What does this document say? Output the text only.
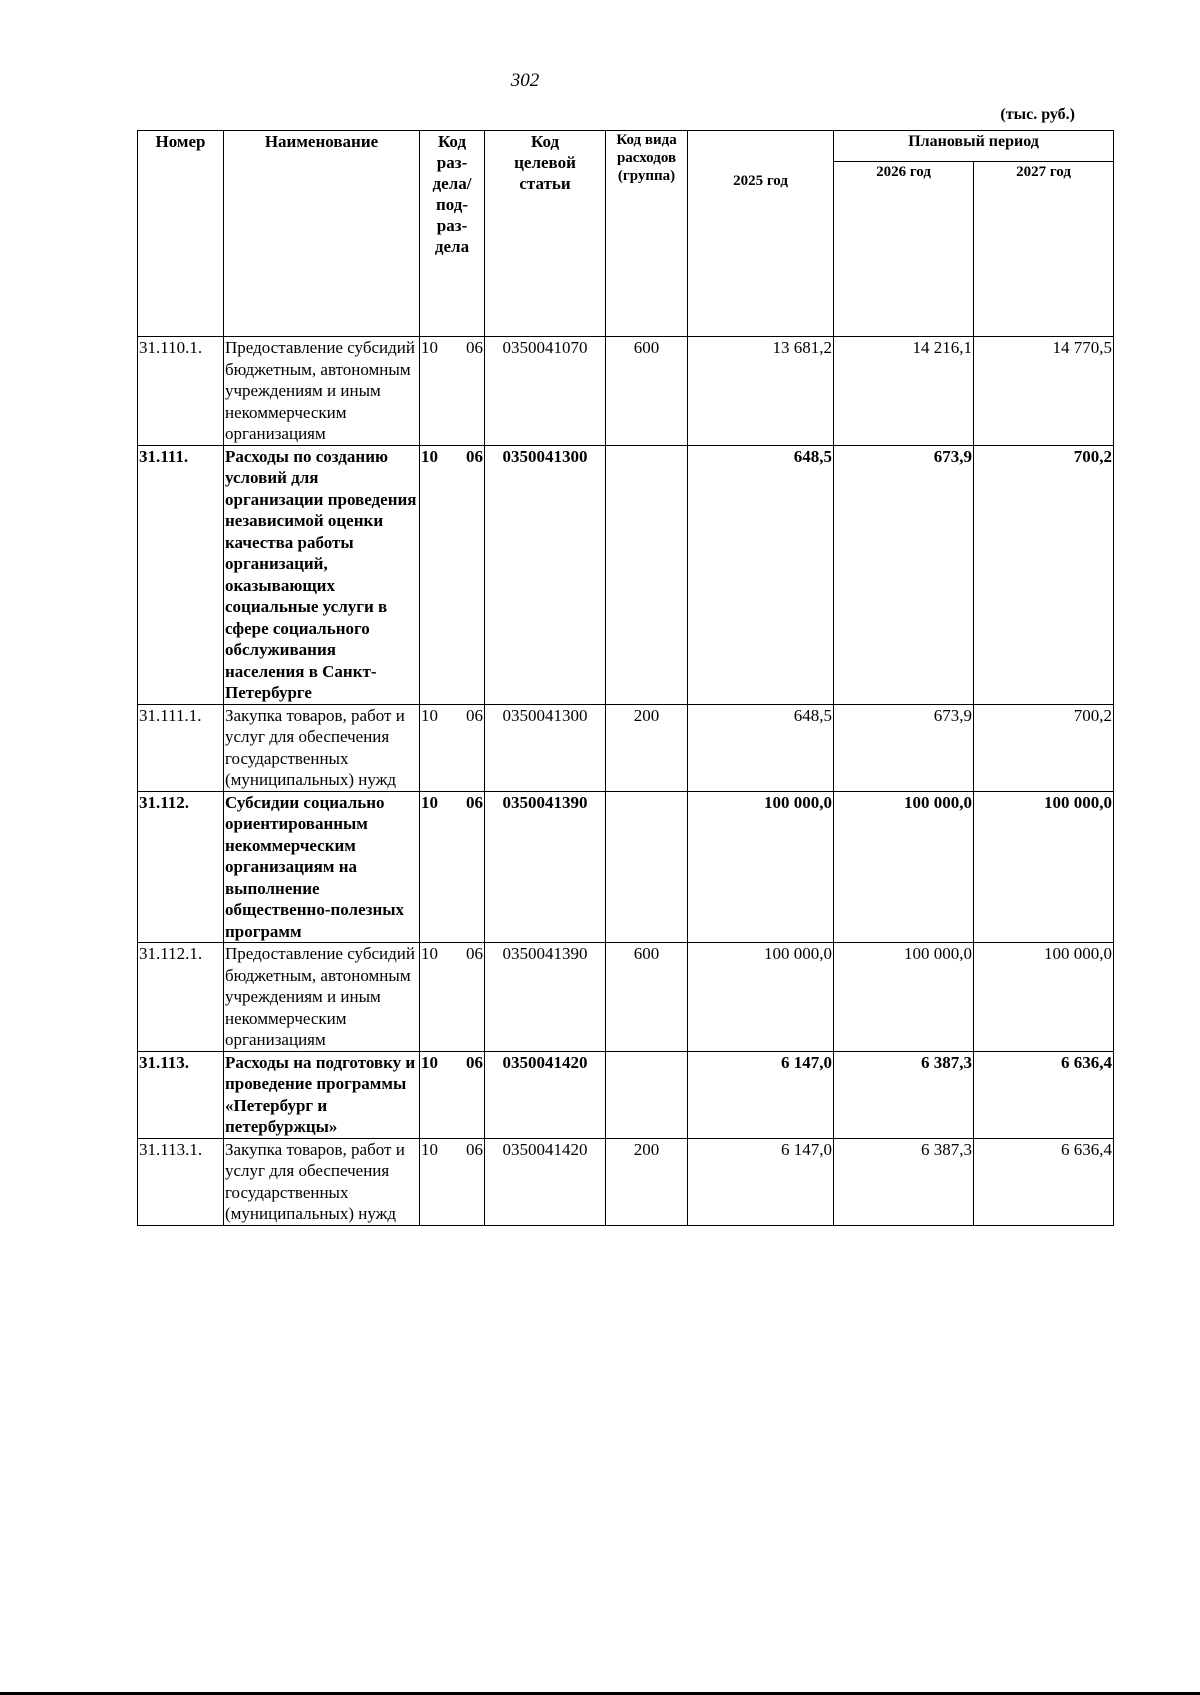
302
(тыс. руб.)
Номер	Наименование	Код раз-дела/ под-раз-дела		Код целевой статьи	Код вида расходов (группа)	2025 год	Плановый период	
							2026 год	2027 год
31.110.1.	Предоставление субсидий бюджетным, автономным учреждениям и иным некоммерческим организациям	10	06	0350041070	600	13 681,2	14 216,1	14 770,5
31.111.	Расходы по созданию условий для организации проведения независимой оценки качества работы организаций, оказывающих социальные услуги в сфере социального обслуживания населения в Санкт-Петербурге	10	06	0350041300		648,5	673,9	700,2
31.111.1.	Закупка товаров, работ и услуг для обеспечения государственных (муниципальных) нужд	10	06	0350041300	200	648,5	673,9	700,2
31.112.	Субсидии социально ориентированным некоммерческим организациям на выполнение общественно-полезных программ	10	06	0350041390		100 000,0	100 000,0	100 000,0
31.112.1.	Предоставление субсидий бюджетным, автономным учреждениям и иным некоммерческим организациям	10	06	0350041390	600	100 000,0	100 000,0	100 000,0
31.113.	Расходы на подготовку и проведение программы «Петербург и петербуржцы»	10	06	0350041420		6 147,0	6 387,3	6 636,4
31.113.1.	Закупка товаров, работ и услуг для обеспечения государственных (муниципальных) нужд	10	06	0350041420	200	6 147,0	6 387,3	6 636,4
